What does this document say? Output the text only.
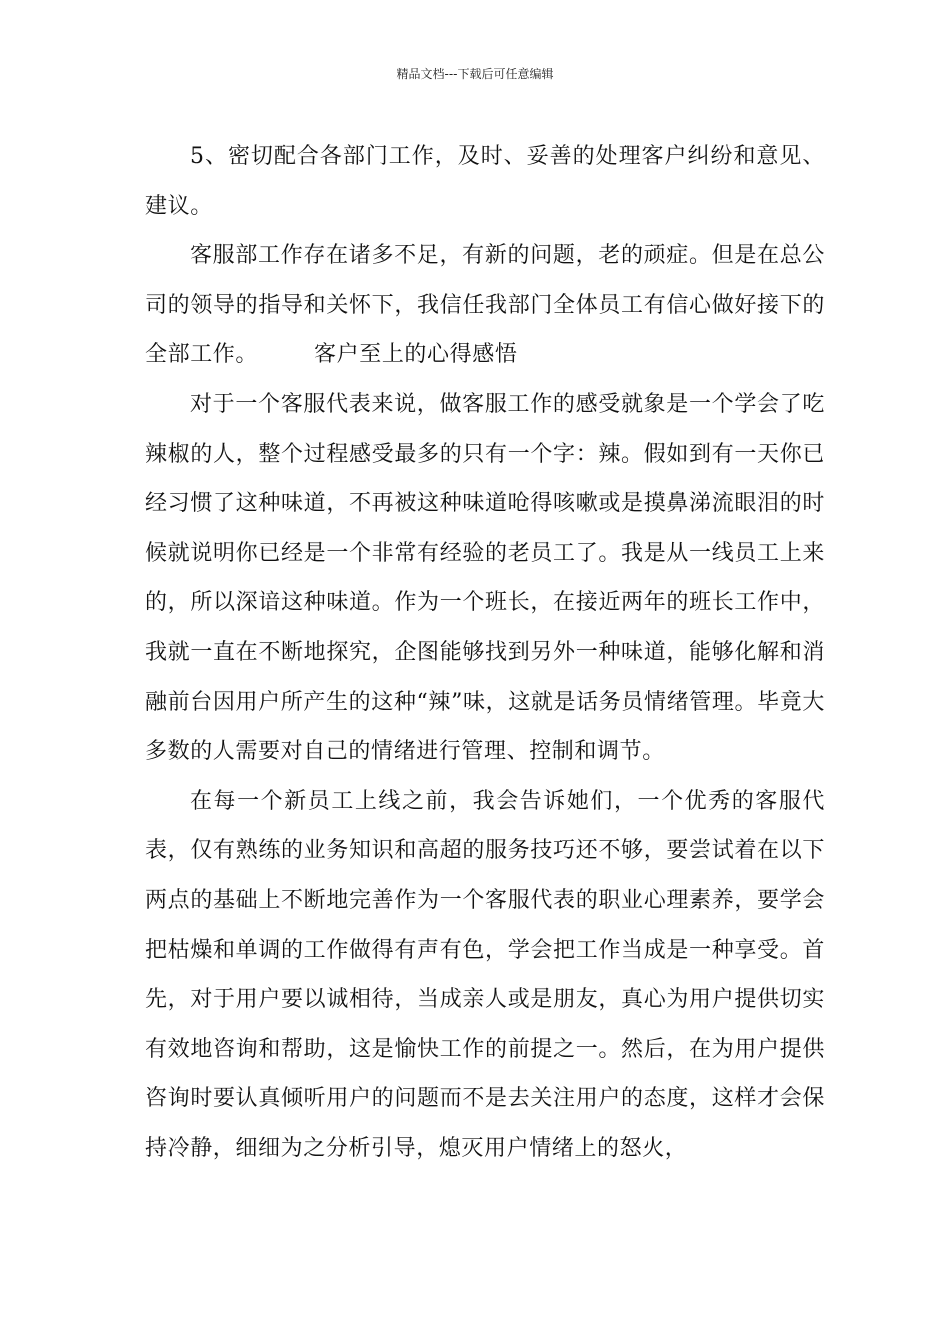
精品文档---下载后可任意编辑

5、密切配合各部门工作，及时、妥善的处理客户纠纷和意见、建议。

客服部工作存在诸多不足，有新的问题，老的顽症。但是在总公司的领导的指导和关怀下，我信任我部门全体员工有信心做好接下的全部工作。	客户至上的心得感悟

对于一个客服代表来说，做客服工作的感受就象是一个学会了吃辣椒的人，整个过程感受最多的只有一个字：辣。假如到有一天你已经习惯了这种味道，不再被这种味道呛得咳嗽或是摸鼻涕流眼泪的时候就说明你已经是一个非常有经验的老员工了。我是从一线员工上来的，所以深谙这种味道。作为一个班长，在接近两年的班长工作中，我就一直在不断地探究，企图能够找到另外一种味道，能够化解和消融前台因用户所产生的这种“辣”味，这就是话务员情绪管理。毕竟大多数的人需要对自己的情绪进行管理、控制和调节。

在每一个新员工上线之前，我会告诉她们，一个优秀的客服代表，仅有熟练的业务知识和高超的服务技巧还不够，要尝试着在以下两点的基础上不断地完善作为一个客服代表的职业心理素养，要学会把枯燥和单调的工作做得有声有色，学会把工作当成是一种享受。首先，对于用户要以诚相待，当成亲人或是朋友，真心为用户提供切实有效地咨询和帮助，这是愉快工作的前提之一。然后，在为用户提供咨询时要认真倾听用户的问题而不是去关注用户的态度，这样才会保持冷静，细细为之分析引导，熄灭用户情绪上的怒火，
